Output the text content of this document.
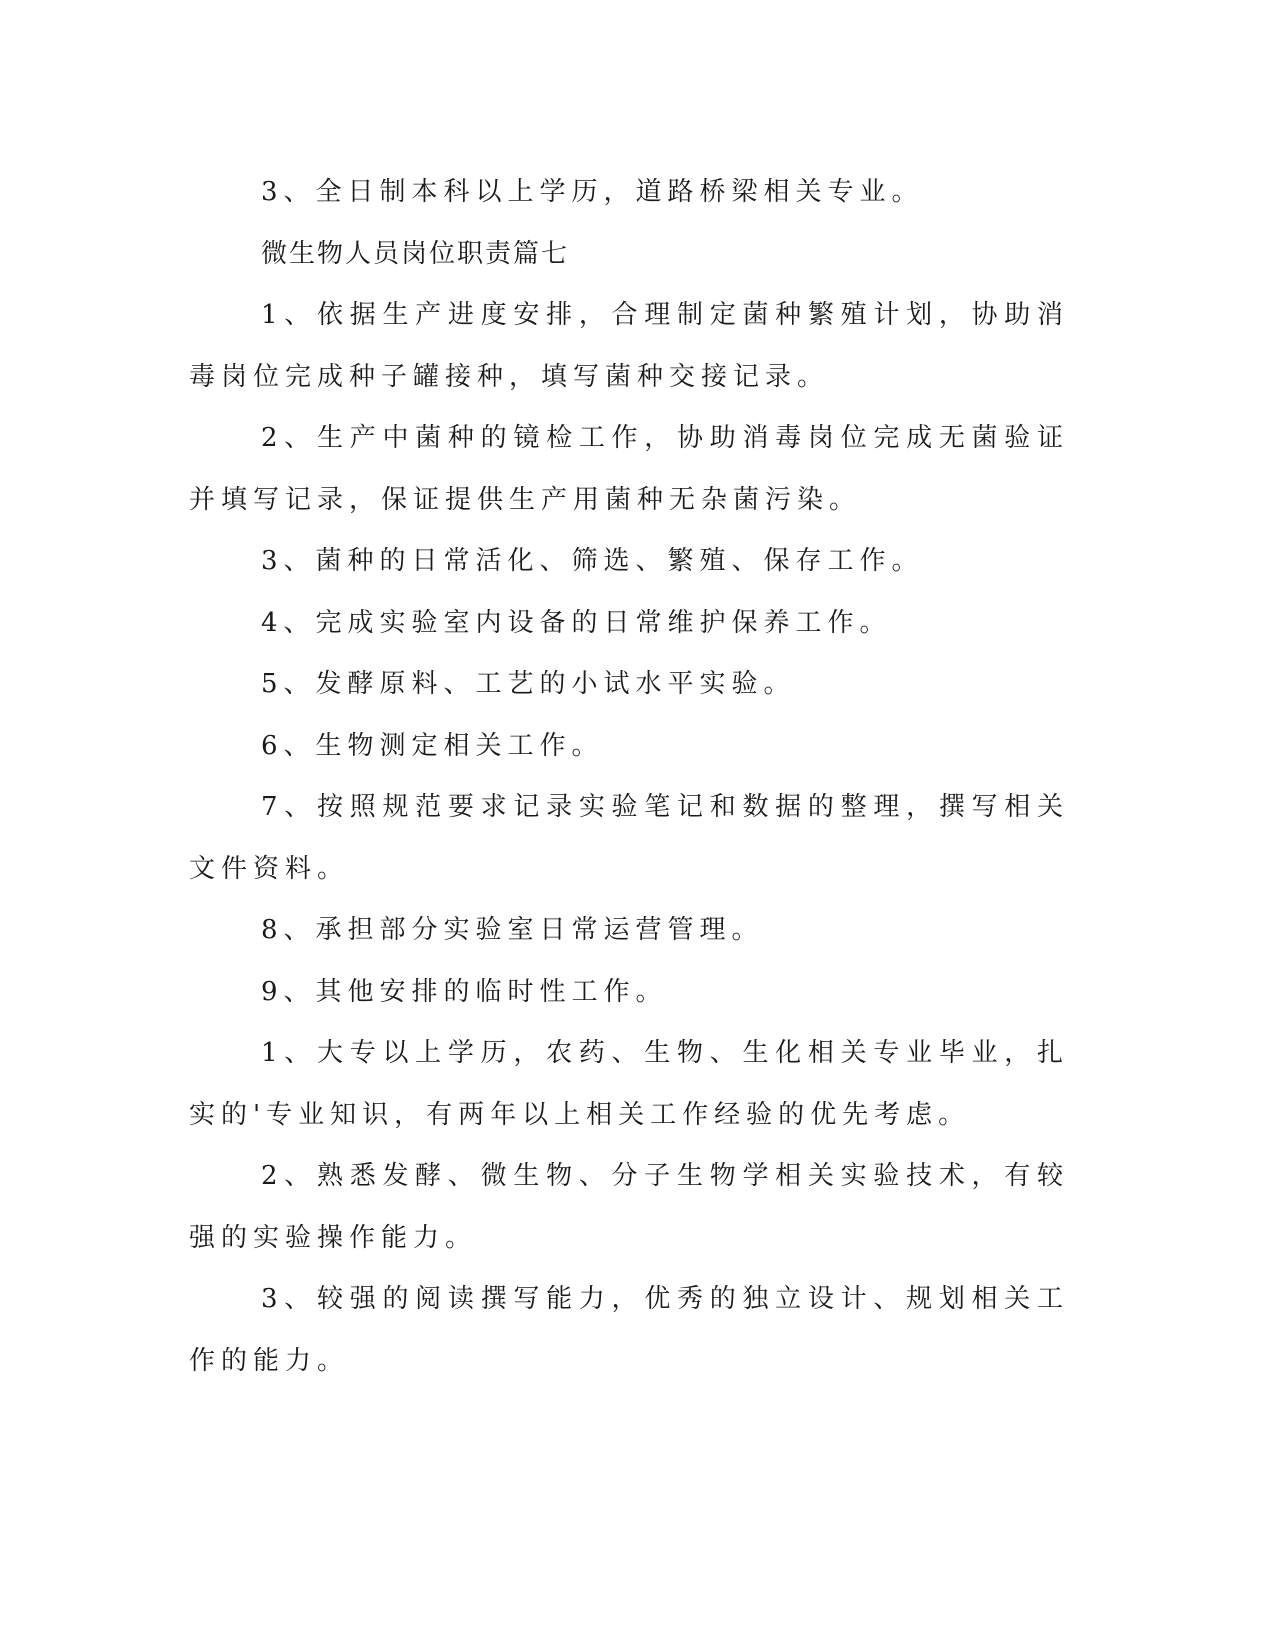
3、全日制本科以上学历，道路桥梁相关专业。

微生物人员岗位职责篇七

1、依据生产进度安排，合理制定菌种繁殖计划，协助消毒岗位完成种子罐接种，填写菌种交接记录。

2、生产中菌种的镜检工作，协助消毒岗位完成无菌验证并填写记录，保证提供生产用菌种无杂菌污染。

3、菌种的日常活化、筛选、繁殖、保存工作。

4、完成实验室内设备的日常维护保养工作。

5、发酵原料、工艺的小试水平实验。

6、生物测定相关工作。

7、按照规范要求记录实验笔记和数据的整理，撰写相关文件资料。

8、承担部分实验室日常运营管理。

9、其他安排的临时性工作。

1、大专以上学历，农药、生物、生化相关专业毕业，扎实的'专业知识，有两年以上相关工作经验的优先考虑。

2、熟悉发酵、微生物、分子生物学相关实验技术，有较强的实验操作能力。

3、较强的阅读撰写能力，优秀的独立设计、规划相关工作的能力。
